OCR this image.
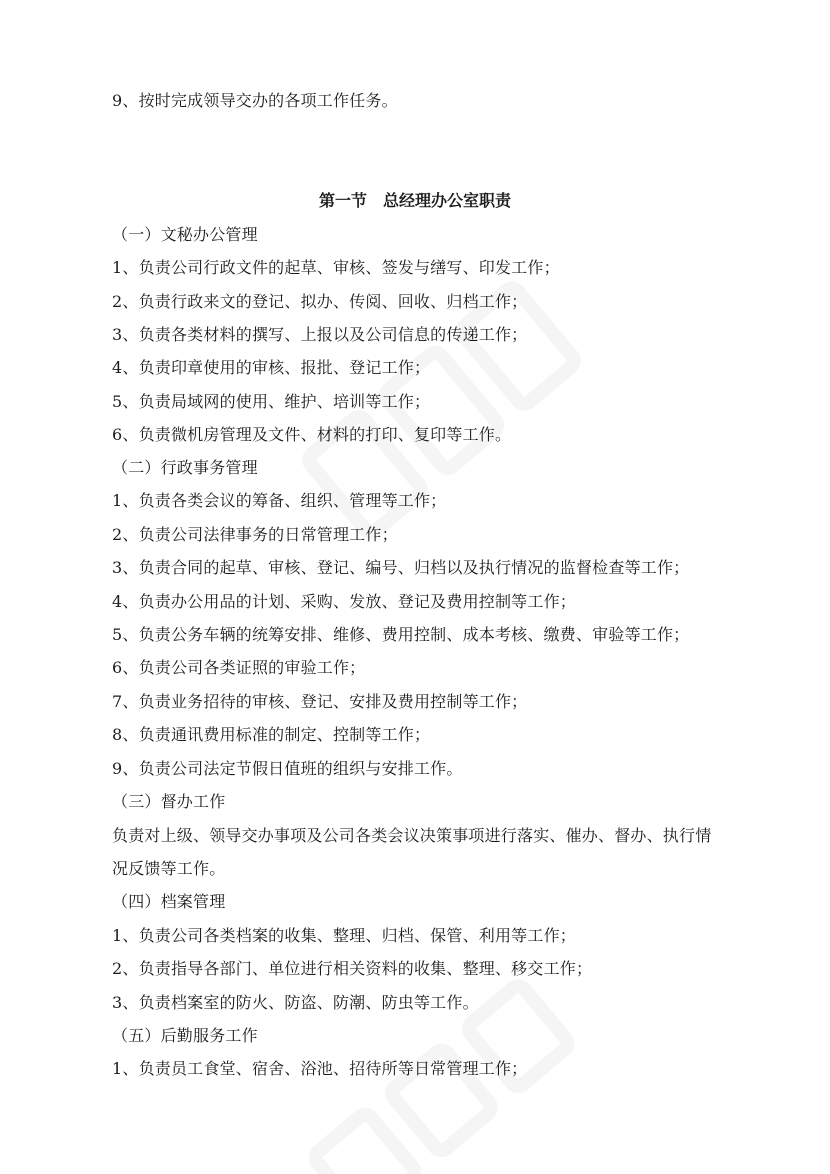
9、按时完成领导交办的各项工作任务。
第一节　总经理办公室职责
（一）文秘办公管理
1、负责公司行政文件的起草、审核、签发与缮写、印发工作；
2、负责行政来文的登记、拟办、传阅、回收、归档工作；
3、负责各类材料的撰写、上报以及公司信息的传递工作；
4、负责印章使用的审核、报批、登记工作；
5、负责局域网的使用、维护、培训等工作；
6、负责微机房管理及文件、材料的打印、复印等工作。
（二）行政事务管理
1、负责各类会议的筹备、组织、管理等工作；
2、负责公司法律事务的日常管理工作；
3、负责合同的起草、审核、登记、编号、归档以及执行情况的监督检查等工作；
4、负责办公用品的计划、采购、发放、登记及费用控制等工作；
5、负责公务车辆的统筹安排、维修、费用控制、成本考核、缴费、审验等工作；
6、负责公司各类证照的审验工作；
7、负责业务招待的审核、登记、安排及费用控制等工作；
8、负责通讯费用标准的制定、控制等工作；
9、负责公司法定节假日值班的组织与安排工作。
（三）督办工作
负责对上级、领导交办事项及公司各类会议决策事项进行落实、催办、督办、执行情
况反馈等工作。
（四）档案管理
1、负责公司各类档案的收集、整理、归档、保管、利用等工作；
2、负责指导各部门、单位进行相关资料的收集、整理、移交工作；
3、负责档案室的防火、防盗、防潮、防虫等工作。
（五）后勤服务工作
1、负责员工食堂、宿舍、浴池、招待所等日常管理工作；
